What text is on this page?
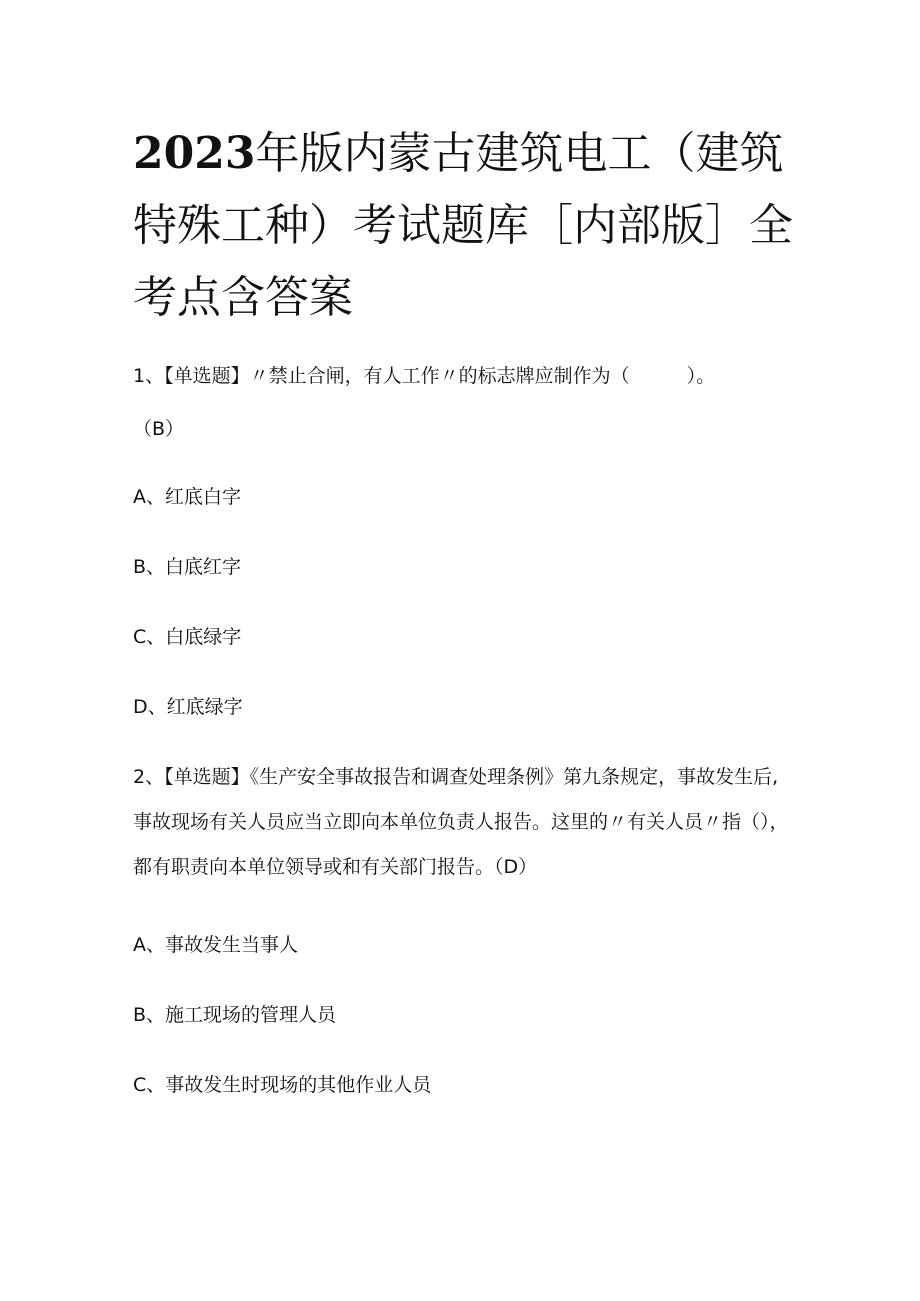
2023年版内蒙古建筑电工（建筑特殊工种）考试题库［内部版］全考点含答案

1、【单选题】〃禁止合闸，有人工作〃的标志牌应制作为（　　　）。

（B）

A、红底白字

B、白底红字

C、白底绿字

D、红底绿字

2、【单选题】《生产安全事故报告和调查处理条例》第九条规定，事故发生后,事故现场有关人员应当立即向本单位负责人报告。这里的〃有关人员〃指（），都有职责向本单位领导或和有关部门报告。（D）

A、事故发生当事人

B、施工现场的管理人员

C、事故发生时现场的其他作业人员
